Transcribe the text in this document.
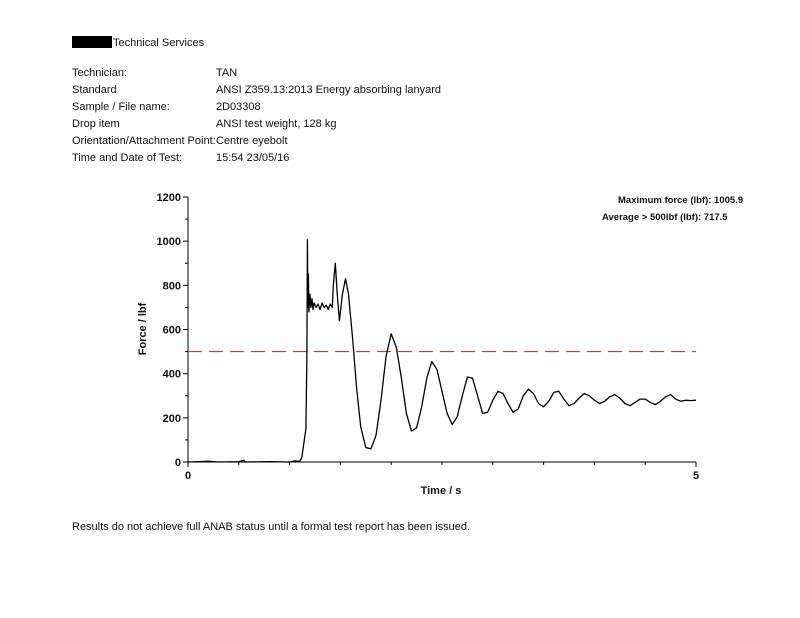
Technical Services
Technician:	TAN
Standard	ANSI Z359.13:2013 Energy absorbing lanyard
Sample / File name:	2D03308
Drop item	ANSI test weight, 128 kg
Orientation/Attachment Point:	Centre eyebolt
Time and Date of Test:	15:54 23/05/16
0
200
400
600
800
1000
1200
0	5
Maximum force (lbf): 1005.9
Average > 500lbf (lbf): 717.5
Time / s
Force / lbf
Results do not achieve full ANAB status until a formal test report has been issued.
